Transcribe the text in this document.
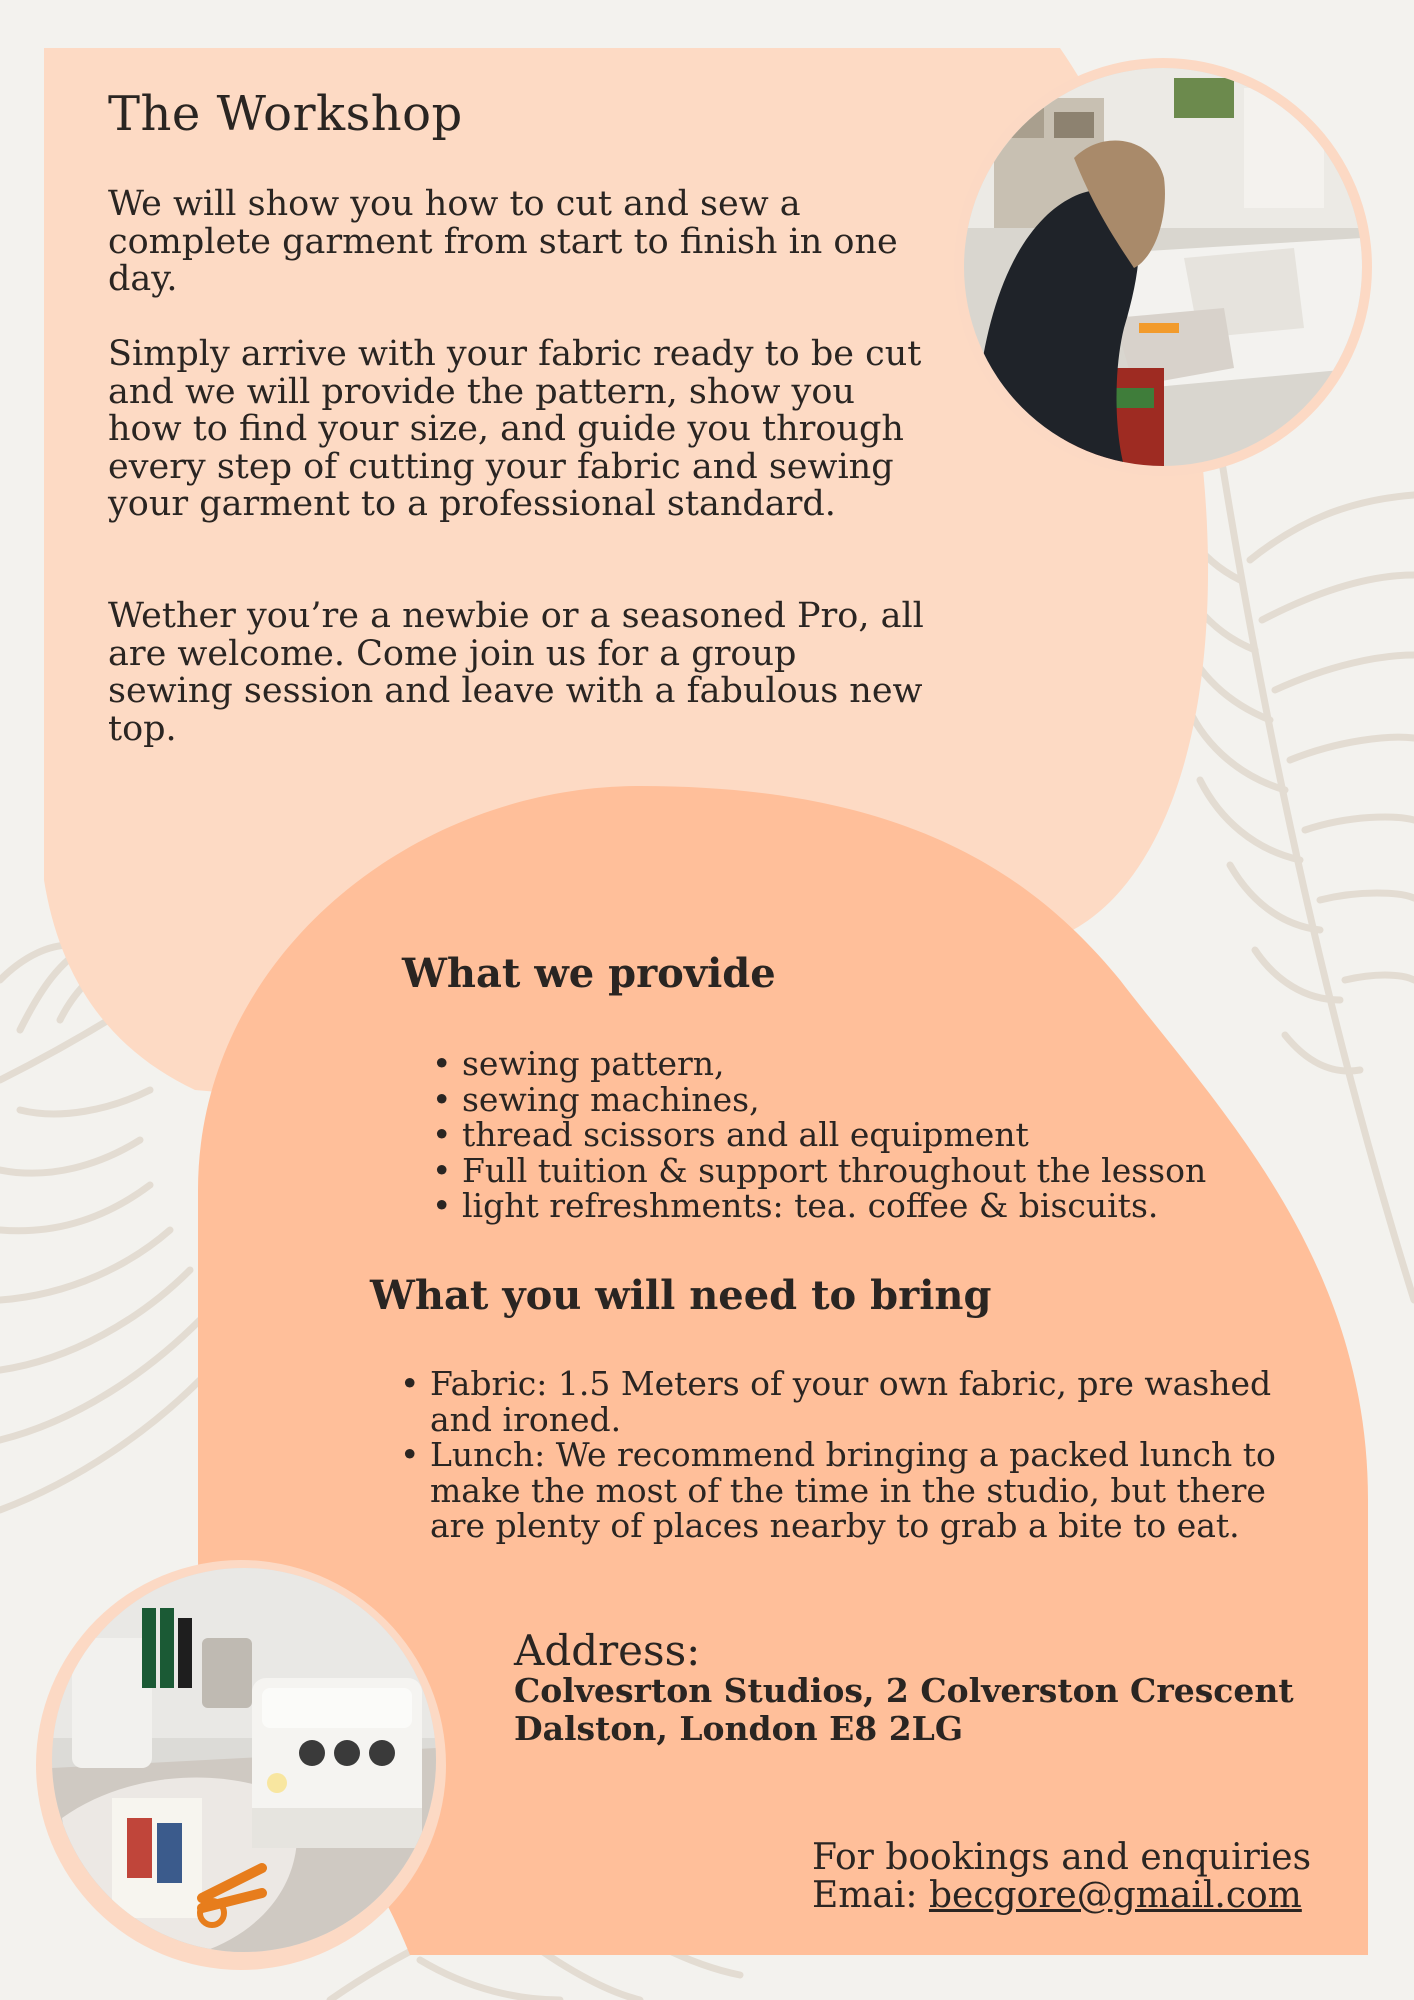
The Workshop

We will show you how to cut and sew a complete garment from start to finish in one day.

Simply arrive with your fabric ready to be cut and we will provide the pattern, show you how to find your size, and guide you through every step of cutting your fabric and sewing your garment to a professional standard.

Wether you’re a newbie or a seasoned Pro, all are welcome. Come join us for a group sewing session and leave with a fabulous new top.

What we provide
• sewing pattern,
• sewing machines,
• thread scissors and all equipment
• Full tuition & support throughout the lesson
• light refreshments: tea. coffee & biscuits.
What you will need to bring
• Fabric: 1.5 Meters of your own fabric, pre washed and ironed.
• Lunch: We recommend bringing a packed lunch to make the most of the time in the studio, but there are plenty of places nearby to grab a bite to eat.
Address:

Colvesrton Studios, 2 Colverston Crescent

Dalston, London E8 2LG

For bookings and enquiries

Emai: becgore@gmail.com
